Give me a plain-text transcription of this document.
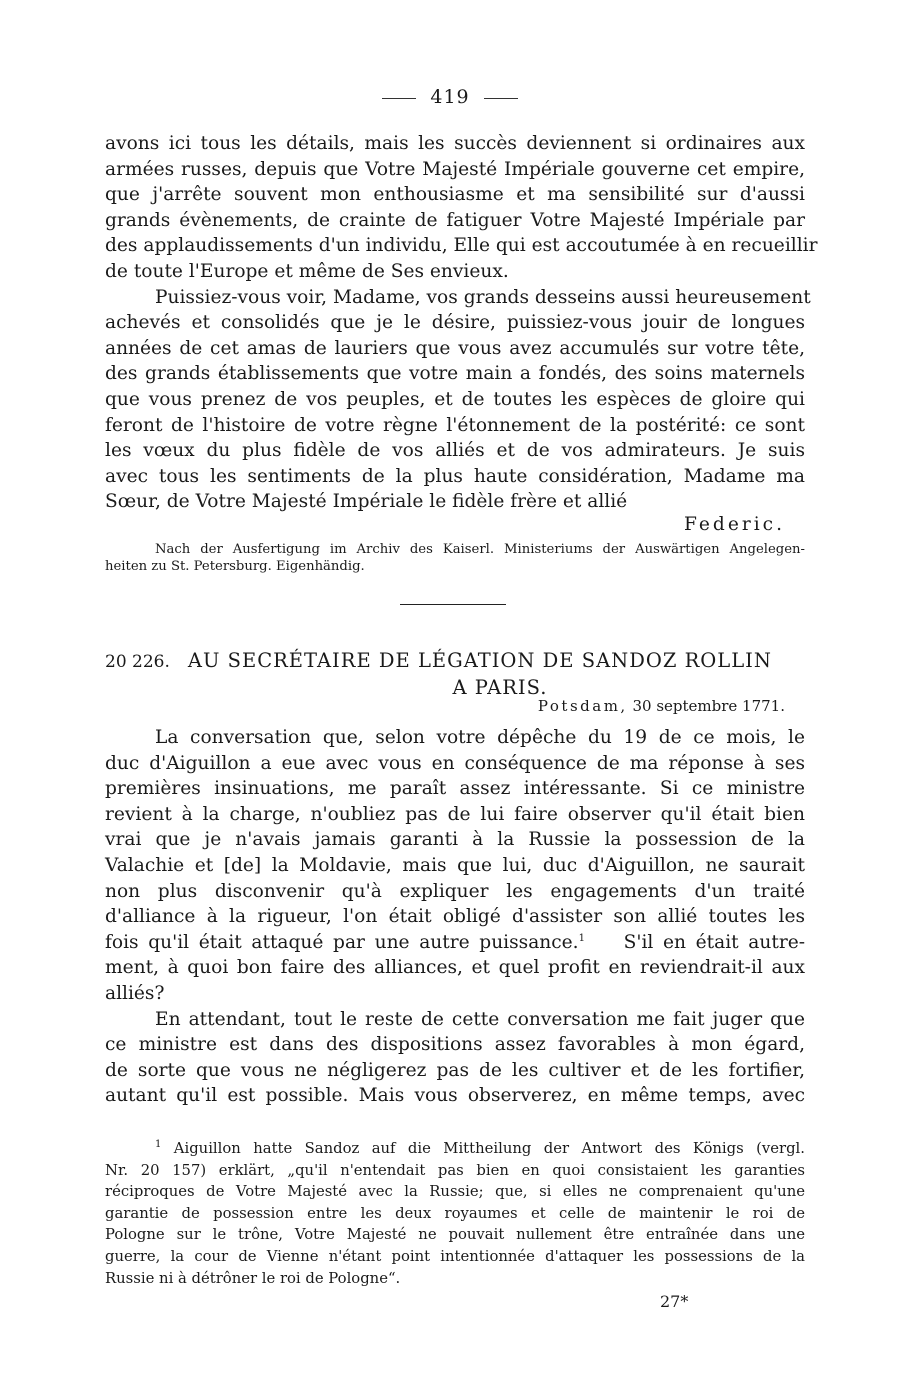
419
avons ici tous les détails, mais les succès deviennent si ordinaires aux
armées russes, depuis que Votre Majesté Impériale gouverne cet empire,
que j'arrête souvent mon enthousiasme et ma sensibilité sur d'aussi
grands évènements, de crainte de fatiguer Votre Majesté Impériale par
des applaudissements d'un individu, Elle qui est accoutumée à en recueillir
de toute l'Europe et même de Ses envieux.
Puissiez-vous voir, Madame, vos grands desseins aussi heureusement
achevés et consolidés que je le désire, puissiez-vous jouir de longues
années de cet amas de lauriers que vous avez accumulés sur votre tête,
des grands établissements que votre main a fondés, des soins maternels
que vous prenez de vos peuples, et de toutes les espèces de gloire qui
feront de l'histoire de votre règne l'étonnement de la postérité: ce sont
les vœux du plus fidèle de vos alliés et de vos admirateurs. Je suis
avec tous les sentiments de la plus haute considération, Madame ma
Sœur, de Votre Majesté Impériale le fidèle frère et allié
Federic.
Nach der Ausfertigung im Archiv des Kaiserl. Ministeriums der Auswärtigen Angelegen-
heiten zu St. Petersburg. Eigenhändig.
20 226. AU SECRÉTAIRE DE LÉGATION DE SANDOZ ROLLIN
A PARIS.
Potsdam, 30 septembre 1771.
La conversation que, selon votre dépêche du 19 de ce mois, le
duc d'Aiguillon a eue avec vous en conséquence de ma réponse à ses
premières insinuations, me paraît assez intéressante. Si ce ministre
revient à la charge, n'oubliez pas de lui faire observer qu'il était bien
vrai que je n'avais jamais garanti à la Russie la possession de la
Valachie et [de] la Moldavie, mais que lui, duc d'Aiguillon, ne saurait
non plus disconvenir qu'à expliquer les engagements d'un traité
d'alliance à la rigueur, l'on était obligé d'assister son allié toutes les
fois qu'il était attaqué par une autre puissance.$^1$ S'il en était autre-
ment, à quoi bon faire des alliances, et quel profit en reviendrait-il aux
alliés?
En attendant, tout le reste de cette conversation me fait juger que
ce ministre est dans des dispositions assez favorables à mon égard,
de sorte que vous ne négligerez pas de les cultiver et de les fortifier,
autant qu'il est possible. Mais vous observerez, en même temps, avec
$^1$ Aiguillon hatte Sandoz auf die Mittheilung der Antwort des Königs (vergl.
Nr. 20 157) erklärt, „qu'il n'entendait pas bien en quoi consistaient les garanties
réciproques de Votre Majesté avec la Russie; que, si elles ne comprenaient qu'une
garantie de possession entre les deux royaumes et celle de maintenir le roi de
Pologne sur le trône, Votre Majesté ne pouvait nullement être entraînée dans une
guerre, la cour de Vienne n'étant point intentionnée d'attaquer les possessions de la
Russie ni à détrôner le roi de Pologne“.
27*
